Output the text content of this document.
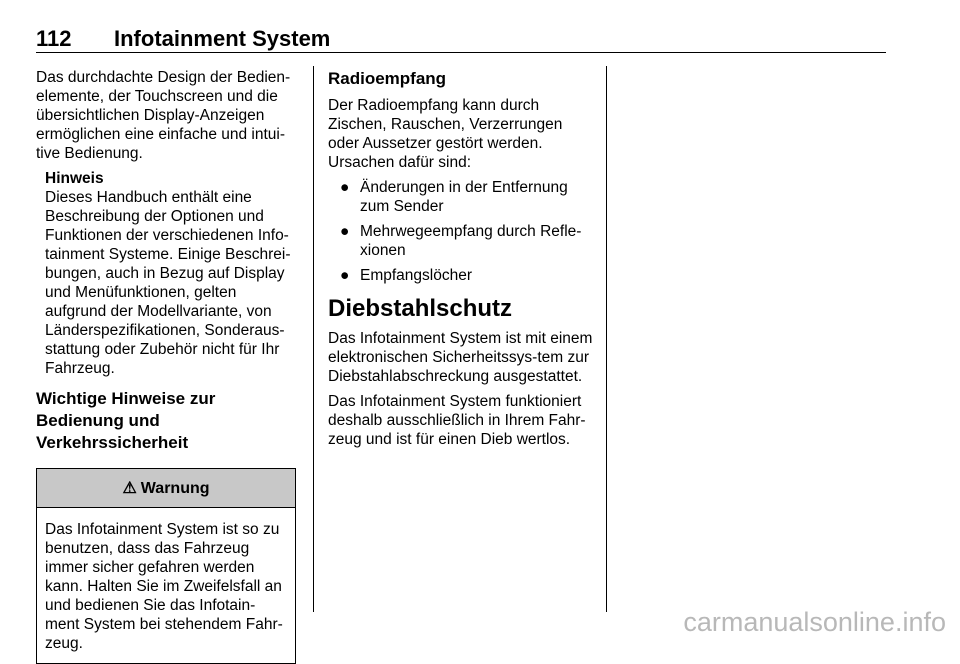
112 Infotainment System

Das durchdachte Design der Bedien-elemente, der Touchscreen und die übersichtlichen Display-Anzeigen ermöglichen eine einfache und intui-tive Bedienung.

Hinweis
Dieses Handbuch enthält eine Beschreibung der Optionen und Funktionen der verschiedenen Info-tainment Systeme. Einige Beschrei-bungen, auch in Bezug auf Display und Menüfunktionen, gelten aufgrund der Modellvariante, von Länderspezifikationen, Sonderaus-stattung oder Zubehör nicht für Ihr Fahrzeug.
Wichtige Hinweise zur Bedienung und Verkehrssicherheit
⚠ Warnung
Das Infotainment System ist so zu benutzen, dass das Fahrzeug immer sicher gefahren werden kann. Halten Sie im Zweifelsfall an und bedienen Sie das Infotain-ment System bei stehendem Fahr-zeug.
Radioempfang

Der Radioempfang kann durch Zischen, Rauschen, Verzerrungen oder Aussetzer gestört werden. Ursachen dafür sind:

● Änderungen in der Entfernung zum Sender
● Mehrwegeempfang durch Refle-xionen
● Empfangslöcher
Diebstahlschutz

Das Infotainment System ist mit einem elektronischen Sicherheitssys-tem zur Diebstahlabschreckung ausgestattet.

Das Infotainment System funktioniert deshalb ausschließlich in Ihrem Fahr-zeug und ist für einen Dieb wertlos.

carmanualsonline.info
